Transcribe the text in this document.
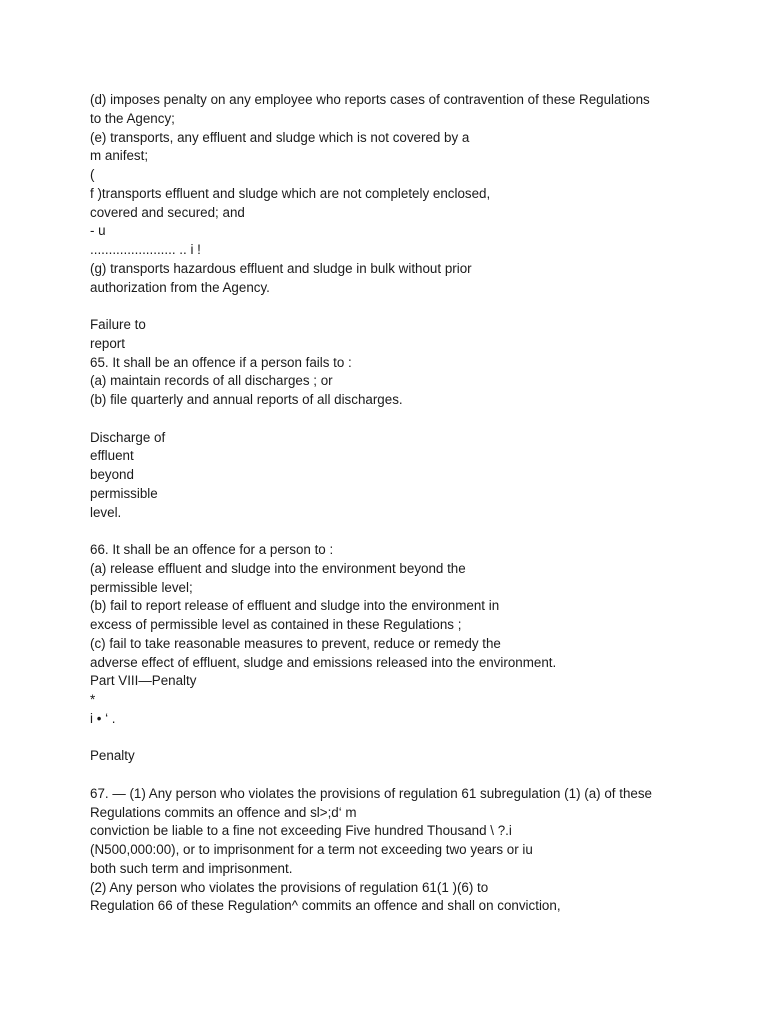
(d) imposes penalty on any employee who reports cases of contravention of these Regulations
to the Agency;
(e) transports, any effluent and sludge which is not covered by a
m anifest;
(
f )transports effluent and sludge which are not completely enclosed,
covered and secured; and
- u
....................... .. i !
(g) transports hazardous effluent and sludge in bulk without prior
authorization from the Agency.
Failure to
report
65. It shall be an offence if a person fails to :
(a) maintain records of all discharges ; or
(b) file quarterly and annual reports of all discharges.
Discharge of
effluent
beyond
permissible
level.
66. It shall be an offence for a person to :
(a) release effluent and sludge into the environment beyond the
permissible level;
(b) fail to report release of effluent and sludge into the environment in
excess of permissible level as contained in these Regulations ;
(c) fail to take reasonable measures to prevent, reduce or remedy the
adverse effect of effluent, sludge and emissions released into the environment.
Part VIII—Penalty
*
i • ‘ .
Penalty
67. — (1) Any person who violates the provisions of regulation 61 subregulation (1) (a) of these
Regulations commits an offence and sl>;d‘ m
conviction be liable to a fine not exceeding Five hundred Thousand \ ?.i
(N500,000:00), or to imprisonment for a term not exceeding two years or iu
both such term and imprisonment.
(2) Any person who violates the provisions of regulation 61(1 )(6) to
Regulation 66 of these Regulation^ commits an offence and shall on conviction,
